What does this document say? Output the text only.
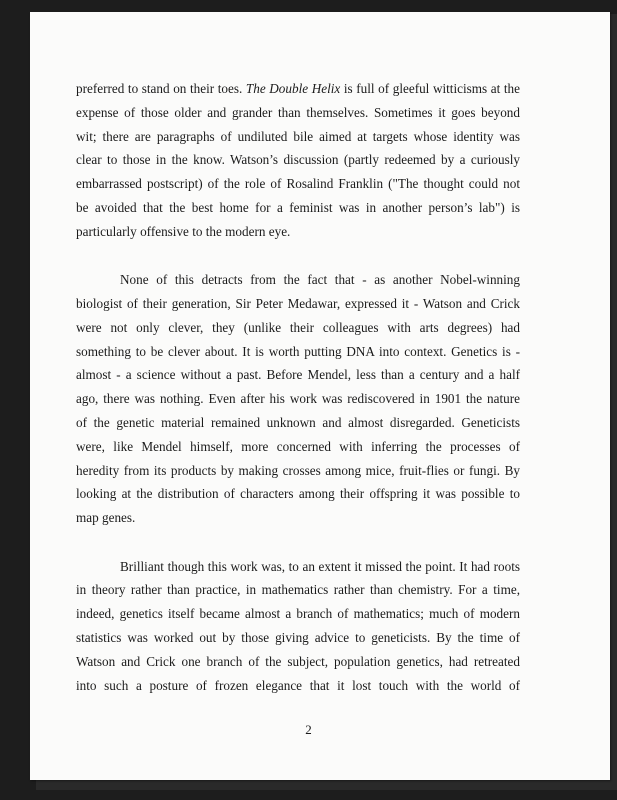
preferred to stand on their toes. The Double Helix is full of gleeful witticisms at the
expense of those older and grander than themselves. Sometimes it goes beyond
wit; there are paragraphs of undiluted bile aimed at targets whose identity was
clear to those in the know. Watson’s discussion (partly redeemed by a curiously
embarrassed postscript) of the role of Rosalind Franklin ("The thought could not
be avoided that the best home for a feminist was in another person’s lab") is
particularly offensive to the modern eye.
None of this detracts from the fact that - as another Nobel-winning
biologist of their generation, Sir Peter Medawar, expressed it - Watson and Crick
were not only clever, they (unlike their colleagues with arts degrees) had
something to be clever about. It is worth putting DNA into context. Genetics is -
almost - a science without a past. Before Mendel, less than a century and a half
ago, there was nothing. Even after his work was rediscovered in 1901 the nature
of the genetic material remained unknown and almost disregarded. Geneticists
were, like Mendel himself, more concerned with inferring the processes of
heredity from its products by making crosses among mice, fruit-flies or fungi. By
looking at the distribution of characters among their offspring it was possible to
map genes.
Brilliant though this work was, to an extent it missed the point. It had roots
in theory rather than practice, in mathematics rather than chemistry. For a time,
indeed, genetics itself became almost a branch of mathematics; much of modern
statistics was worked out by those giving advice to geneticists. By the time of
Watson and Crick one branch of the subject, population genetics, had retreated
into such a posture of frozen elegance that it lost touch with the world of
2
